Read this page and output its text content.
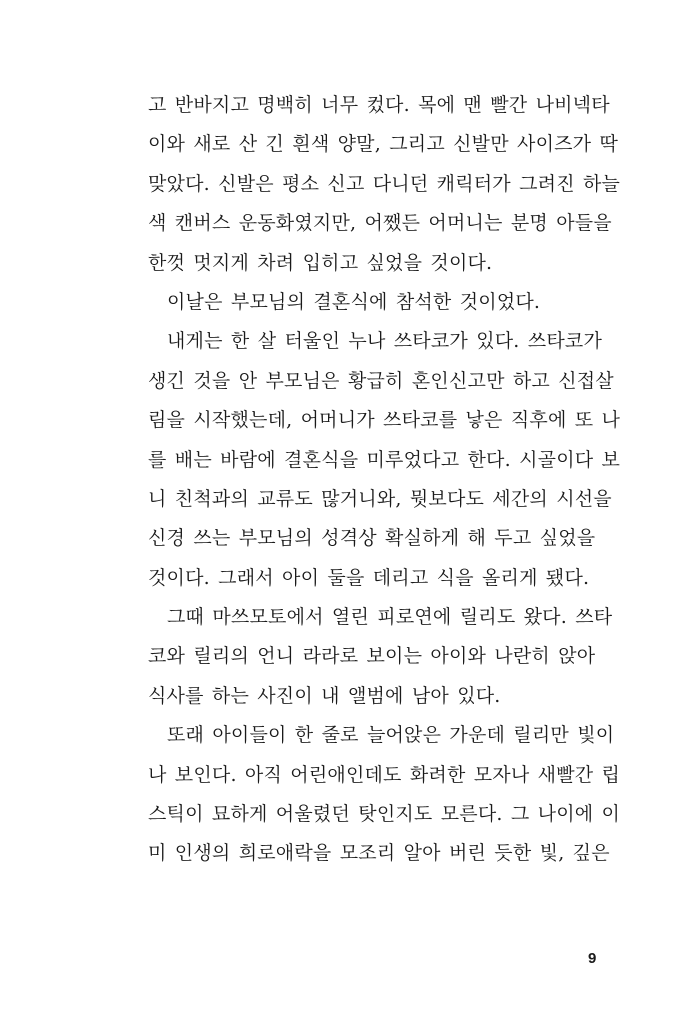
고 반바지고 명백히 너무 컸다. 목에 맨 빨간 나비넥타
이와 새로 산 긴 흰색 양말, 그리고 신발만 사이즈가 딱
맞았다. 신발은 평소 신고 다니던 캐릭터가 그려진 하늘
색 캔버스 운동화였지만, 어쨌든 어머니는 분명 아들을
한껏 멋지게 차려 입히고 싶었을 것이다.
이날은 부모님의 결혼식에 참석한 것이었다.
내게는 한 살 터울인 누나 쓰타코가 있다. 쓰타코가
생긴 것을 안 부모님은 황급히 혼인신고만 하고 신접살
림을 시작했는데, 어머니가 쓰타코를 낳은 직후에 또 나
를 배는 바람에 결혼식을 미루었다고 한다. 시골이다 보
니 친척과의 교류도 많거니와, 뭣보다도 세간의 시선을
신경 쓰는 부모님의 성격상 확실하게 해 두고 싶었을
것이다. 그래서 아이 둘을 데리고 식을 올리게 됐다.
그때 마쓰모토에서 열린 피로연에 릴리도 왔다. 쓰타
코와 릴리의 언니 라라로 보이는 아이와 나란히 앉아
식사를 하는 사진이 내 앨범에 남아 있다.
또래 아이들이 한 줄로 늘어앉은 가운데 릴리만 빛이
나 보인다. 아직 어린애인데도 화려한 모자나 새빨간 립
스틱이 묘하게 어울렸던 탓인지도 모른다. 그 나이에 이
미 인생의 희로애락을 모조리 알아 버린 듯한 빛, 깊은
9
